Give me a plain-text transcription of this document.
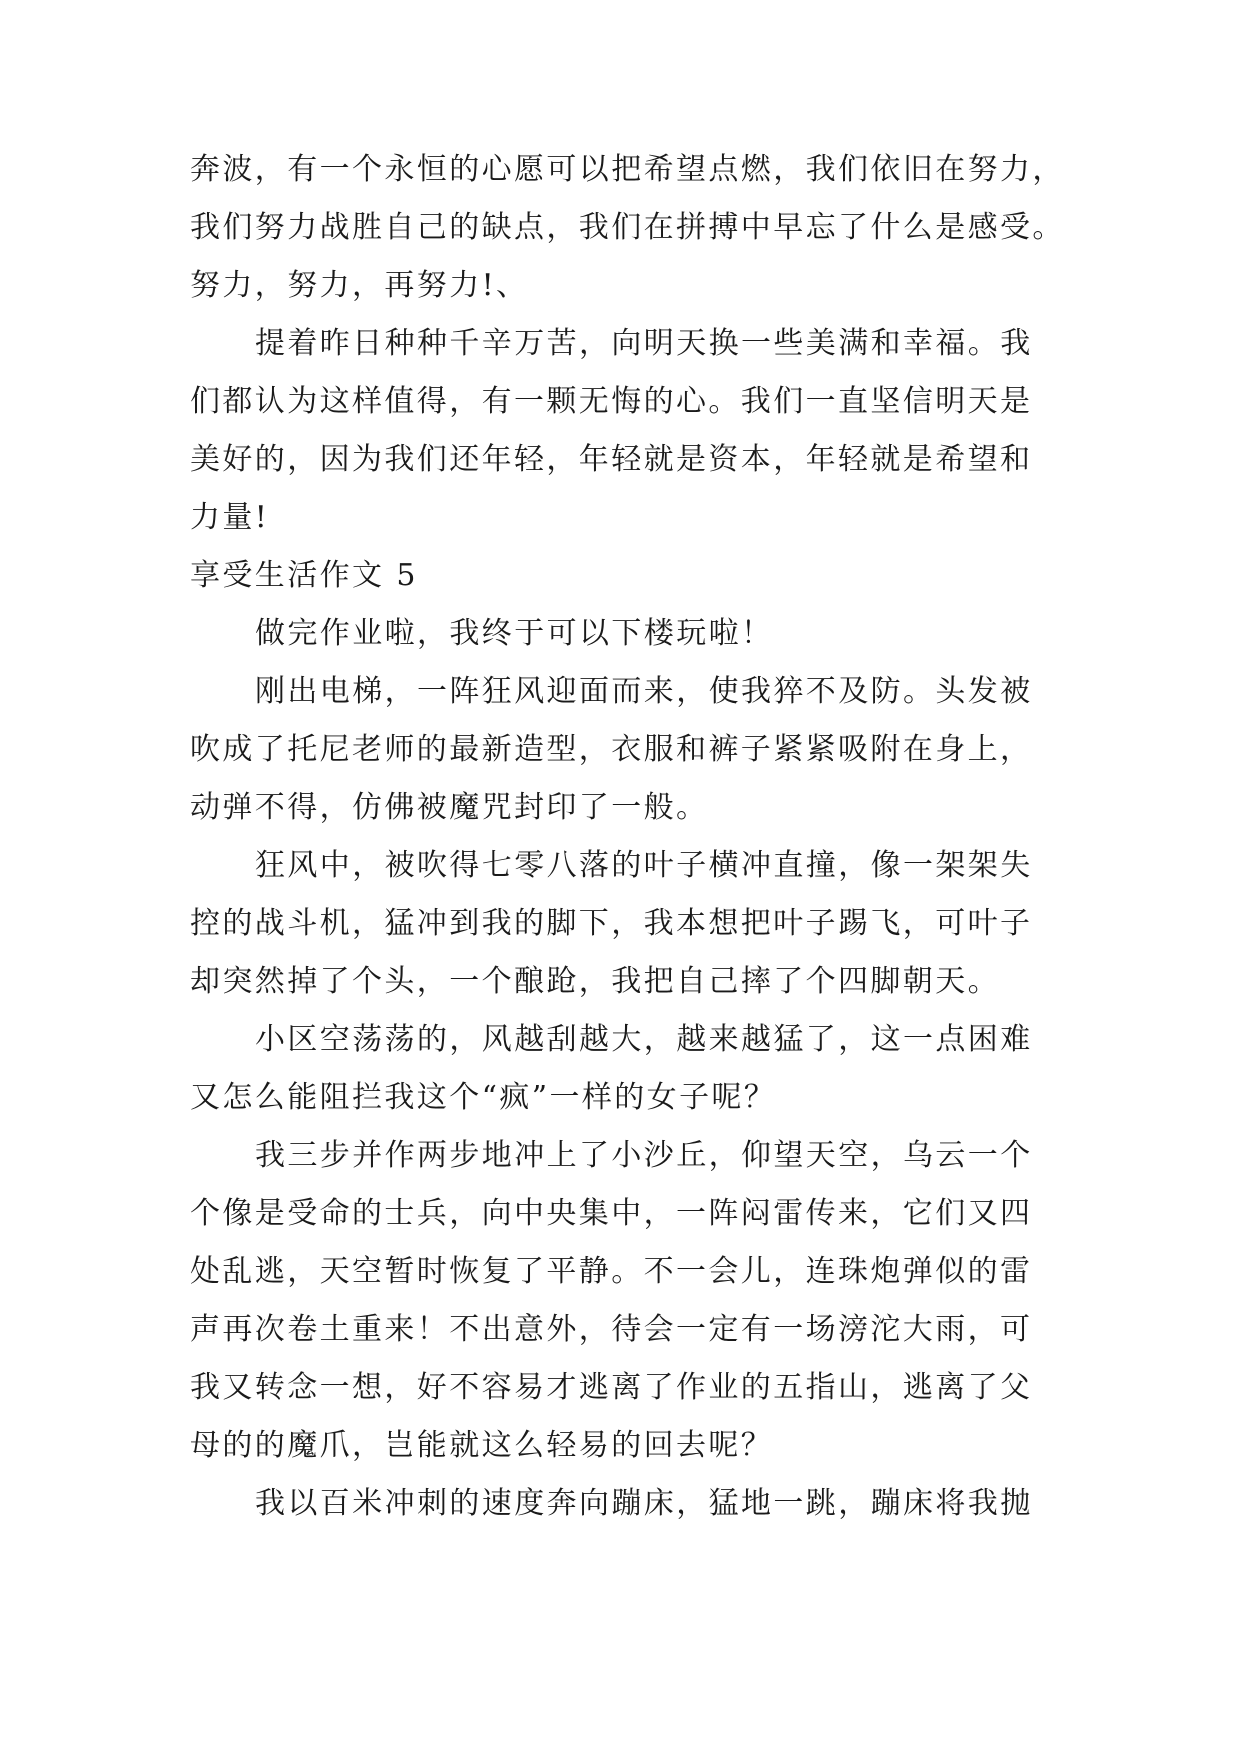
奔波，有一个永恒的心愿可以把希望点燃，我们依旧在努力，
我们努力战胜自己的缺点，我们在拼搏中早忘了什么是感受。
努力，努力，再努力!、
提着昨日种种千辛万苦，向明天换一些美满和幸福。我
们都认为这样值得，有一颗无悔的心。我们一直坚信明天是
美好的，因为我们还年轻，年轻就是资本，年轻就是希望和
力量!
享受生活作文 5
做完作业啦，我终于可以下楼玩啦！
刚出电梯，一阵狂风迎面而来，使我猝不及防。头发被
吹成了托尼老师的最新造型，衣服和裤子紧紧吸附在身上，
动弹不得，仿佛被魔咒封印了一般。
狂风中，被吹得七零八落的叶子横冲直撞，像一架架失
控的战斗机，猛冲到我的脚下，我本想把叶子踢飞，可叶子
却突然掉了个头，一个酿跄，我把自己摔了个四脚朝天。
小区空荡荡的，风越刮越大，越来越猛了，这一点困难
又怎么能阻拦我这个“疯”一样的女子呢？
我三步并作两步地冲上了小沙丘，仰望天空，乌云一个
个像是受命的士兵，向中央集中，一阵闷雷传来，它们又四
处乱逃，天空暂时恢复了平静。不一会儿，连珠炮弹似的雷
声再次卷土重来！不出意外，待会一定有一场滂沱大雨，可
我又转念一想，好不容易才逃离了作业的五指山，逃离了父
母的的魔爪，岂能就这么轻易的回去呢？
我以百米冲刺的速度奔向蹦床，猛地一跳，蹦床将我抛
